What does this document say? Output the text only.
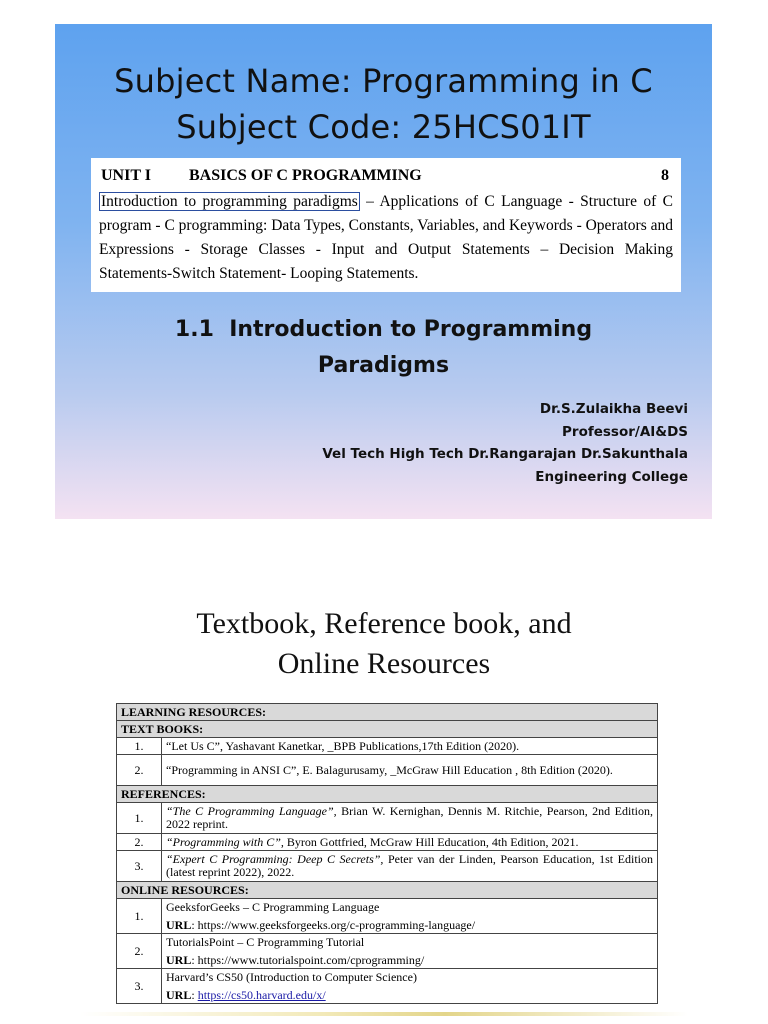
Subject Name: Programming in C
Subject Code: 25HCS01IT
UNIT I BASICS OF C PROGRAMMING	8
Introduction to programming paradigms – Applications of C Language - Structure of C program - C programming: Data Types, Constants, Variables, and Keywords - Operators and Expressions - Storage Classes - Input and Output Statements – Decision Making Statements-Switch Statement- Looping Statements.
1.1  Introduction to Programming
Paradigms
Dr.S.Zulaikha Beevi
Professor/AI&DS
Vel Tech High Tech Dr.Rangarajan Dr.Sakunthala
Engineering College
Textbook, Reference book, and
Online Resources
LEARNING RESOURCES:	
TEXT BOOKS:	
1.	“Let Us C”, Yashavant Kanetkar, _BPB Publications,17th Edition (2020).
2.	“Programming in ANSI C”, E. Balagurusamy, _McGraw Hill Education , 8th Edition (2020).
REFERENCES:	
1.	“The C Programming Language”, Brian W. Kernighan, Dennis M. Ritchie, Pearson, 2nd Edition, 2022 reprint.
2.	“Programming with C”, Byron Gottfried, McGraw Hill Education, 4th Edition, 2021.
3.	“Expert C Programming: Deep C Secrets”, Peter van der Linden, Pearson Education, 1st Edition (latest reprint 2022), 2022.
ONLINE RESOURCES:	
1.	GeeksforGeeks – C Programming Language
URL: https://www.geeksforgeeks.org/c-programming-language/

2.	TutorialsPoint – C Programming Tutorial
URL: https://www.tutorialspoint.com/cprogramming/

3.	Harvard’s CS50 (Introduction to Computer Science)
URL: https://cs50.harvard.edu/x/
